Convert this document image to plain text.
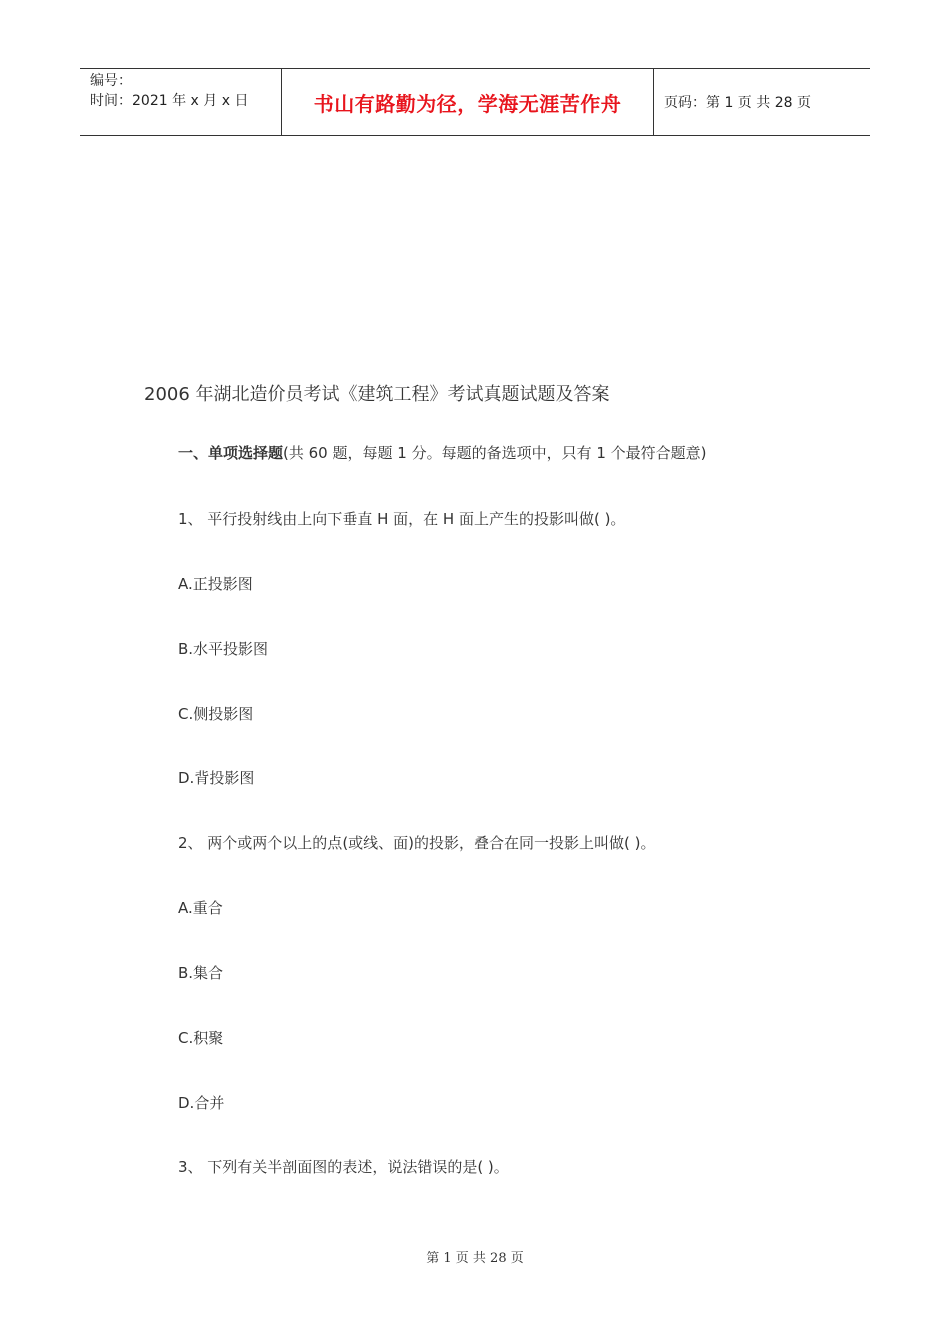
编号：
时间：2021 年 x 月 x 日	书山有路勤为径，学海无涯苦作舟	页码：第 1 页 共 28 页
2006 年湖北造价员考试《建筑工程》考试真题试题及答案
一、单项选择题(共 60 题，每题 1 分。每题的备选项中，只有 1 个最符合题意)
1、 平行投射线由上向下垂直 H 面，在 H 面上产生的投影叫做( )。
A.正投影图
B.水平投影图
C.侧投影图
D.背投影图
2、 两个或两个以上的点(或线、面)的投影，叠合在同一投影上叫做( )。
A.重合
B.集合
C.积聚
D.合并
3、 下列有关半剖面图的表述，说法错误的是( )。
第 1 页 共 28 页
